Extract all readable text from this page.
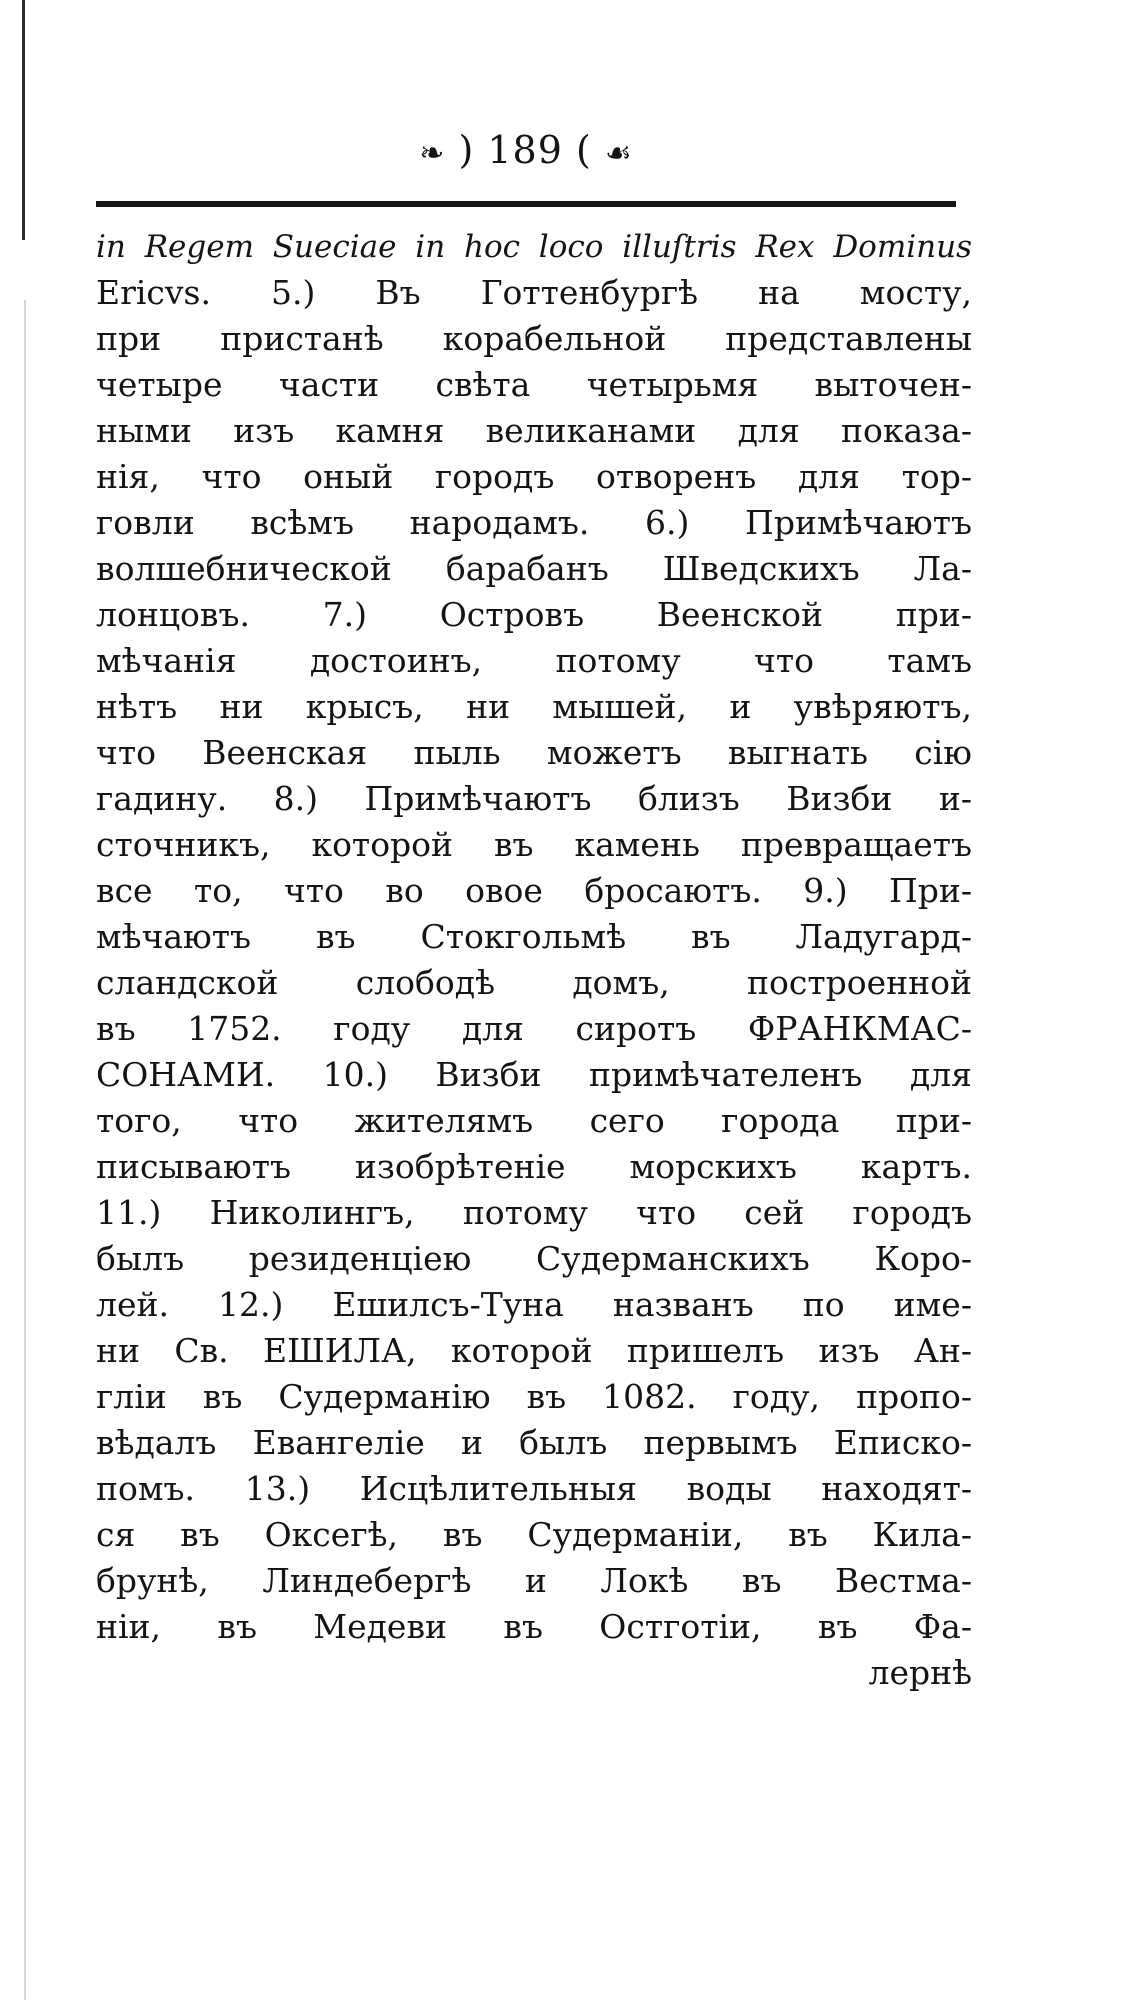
❧ ) 189 ( ☙
in Regem Sueciae in hoc loco illuſtris Rex Dominus
Ericvs. 5.) Въ Готтенбургѣ на мосту,
при пристанѣ корабельной представлены
четыре части свѣта четырьмя выточен-
ными изъ камня великанами для показа-
нія, что оный городъ отворенъ для тор-
говли всѣмъ народамъ. 6.) Примѣчаютъ
волшебнической барабанъ Шведскихъ Ла-
лонцовъ. 7.) Островъ Веенской при-
мѣчанія достоинъ, потому что тамъ
нѣтъ ни крысъ, ни мышей, и увѣряютъ,
что Веенская пыль можетъ выгнать сію
гадину. 8.) Примѣчаютъ близъ Визби и-
сточникъ, которой въ камень превращаетъ
все то, что во овое бросаютъ. 9.) При-
мѣчаютъ въ Стокгольмѣ въ Ладугард-
сландской слободѣ домъ, построенной
въ 1752. году для сиротъ ФРАНКМАС-
СОНАМИ. 10.) Визби примѣчателенъ для
того, что жителямъ сего города при-
писываютъ изобрѣтеніе морскихъ картъ.
11.) Николингъ, потому что сей городъ
былъ резиденціею Судерманскихъ Коро-
лей. 12.) Ешилсъ-Туна названъ по име-
ни Св. ЕШИЛА, которой пришелъ изъ Ан-
гліи въ Судерманію въ 1082. году, пропо-
вѣдалъ Евангеліе и былъ первымъ Еписко-
помъ. 13.) Исцѣлительныя воды находят-
ся въ Оксегѣ, въ Судерманіи, въ Кила-
брунѣ, Линдебергѣ и Локѣ въ Вестма-
ніи, въ Медеви въ Остготіи, въ Фа-
лернѣ
